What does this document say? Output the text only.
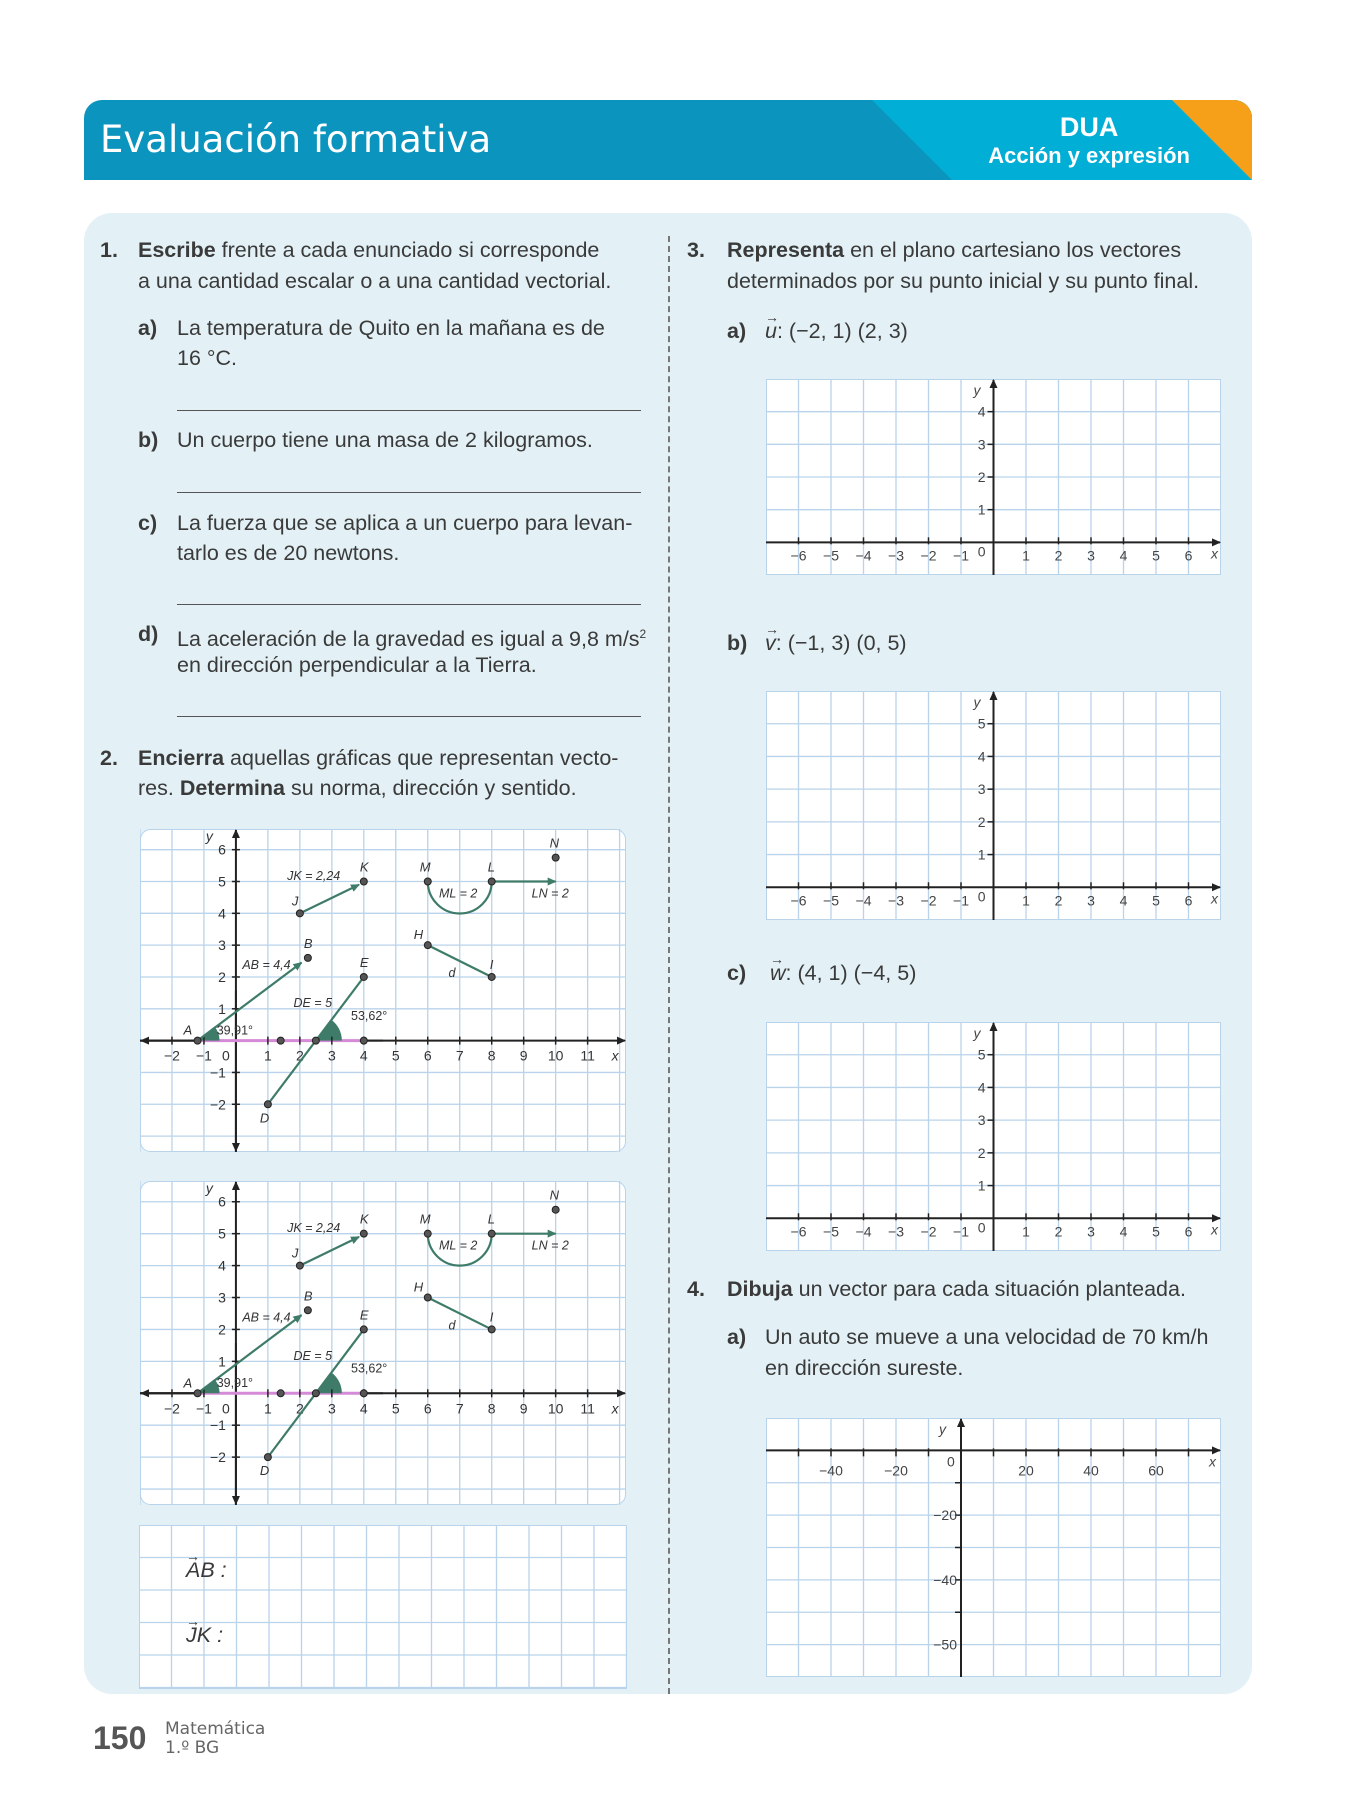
Evaluación formativa	DUA
Acción y expresión
1. Escribe frente a cada enunciado si corresponde
a una cantidad escalar o a una cantidad vectorial.
a) La temperatura de Quito en la mañana es de
16 °C.
b) Un cuerpo tiene una masa de 2 kilogramos.
c) La fuerza que se aplica a un cuerpo para levan-
tarlo es de 20 newtons.
d) La aceleración de la gravedad es igual a 9,8 $m/s^2$
en dirección perpendicular a la Tierra.
2. Encierra aquellas gráficas que representan vecto-
res. Determina su norma, dirección y sentido.
−2 −1 0 1 2 3 4 5 6 7 8 9 10 11
−2
−1
1
2
3
4
5
6
x
y
A
B
J
K	M	L
N
H
I
D
E
JK = 2,24
AB = 4,4
ML = 2	LN = 2
d
DE = 5
53,62°
39,91°
−2 −1 0 1 2 3 4 5 6 7 8 9 10 11
−2
−1
1
2
3
4
5
6
x
y
A
B
J
K	M	L
N
H
I
D
E
JK = 2,24
AB = 4,4
ML = 2	LN = 2
d
DE = 5
53,62°
39,91°
→ AB :
→ JK :
3. Representa en el plano cartesiano los vectores
determinados por su punto inicial y su punto final.
a) → u: (−2, 1) (2, 3)
−6 −5 −4 −3 −2 −1	1 2 3 4 5 6
1
2
3
4
0	x
y
b) → v: (−1, 3) (0, 5)
−6 −5 −4 −3 −2 −1	1 2 3 4 5 6
1
2
3
4
5
0	x
y
c) → w: (4, 1) (−4, 5)
−6 −5 −4 −3 −2 −1	1 2 3 4 5 6
1
2
3
4
5
0	x
y
4. Dibuja un vector para cada situación planteada.
a) Un auto se mueve a una velocidad de 70 km/h
en dirección sureste.
−40	−20	20	40	60
−20
−40
−50
0	x
y
150 Matemática
1.º BG
